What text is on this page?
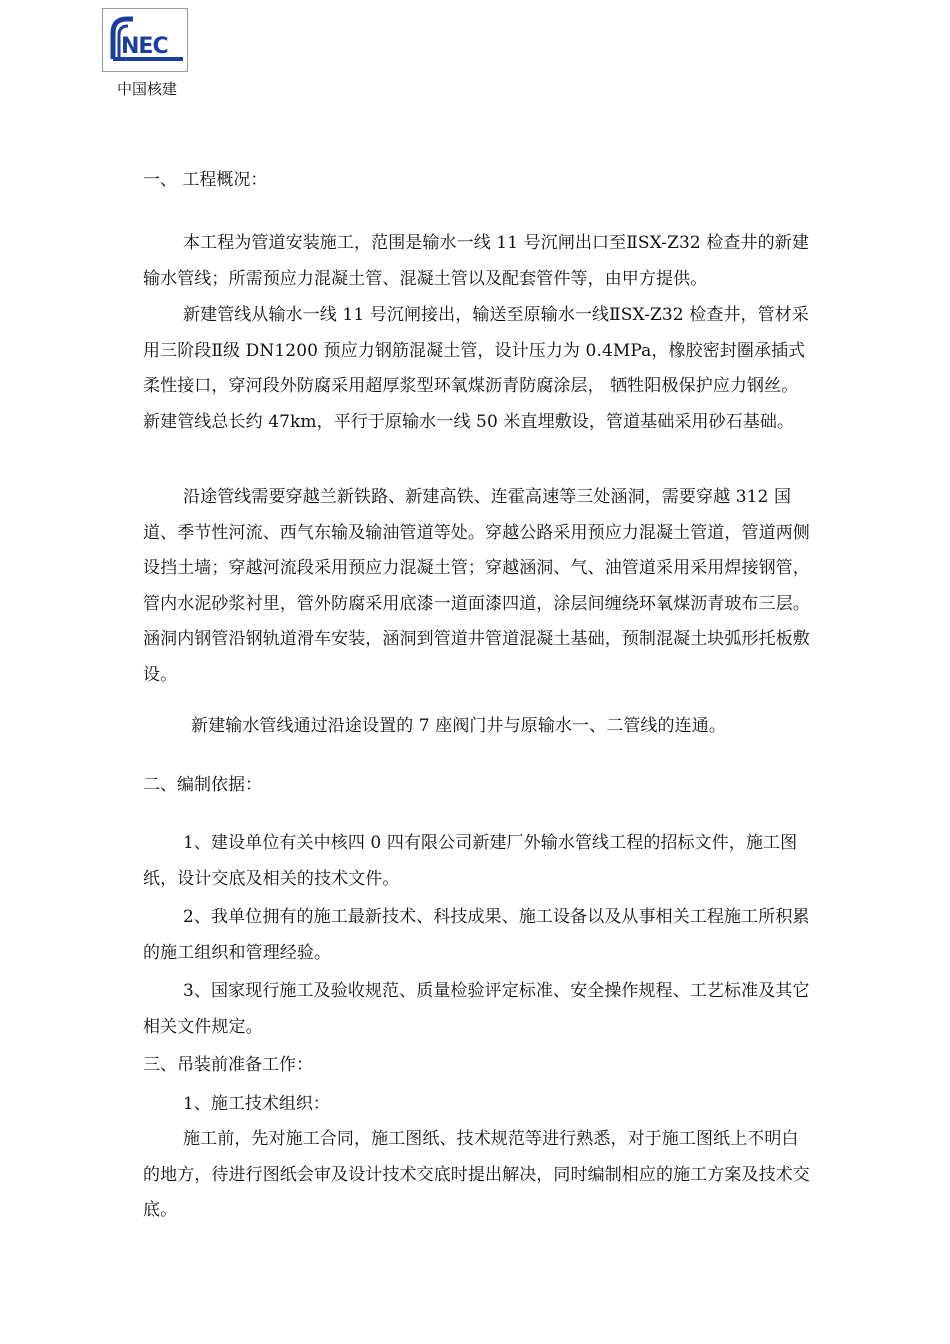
NEC
中国核建
一、 工程概况：

本工程为管道安装施工，范围是输水一线 11 号沉闸出口至ⅡSX-Z32 检查井的新建输水管线；所需预应力混凝土管、混凝土管以及配套管件等，由甲方提供。

新建管线从输水一线 11 号沉闸接出，输送至原输水一线ⅡSX-Z32 检查井，管材采用三阶段Ⅱ级 DN1200 预应力钢筋混凝土管，设计压力为 0.4MPa，橡胶密封圈承插式柔性接口，穿河段外防腐采用超厚浆型环氧煤沥青防腐涂层， 牺牲阳极保护应力钢丝。新建管线总长约 47km，平行于原输水一线 50 米直埋敷设，管道基础采用砂石基础。

沿途管线需要穿越兰新铁路、新建高铁、连霍高速等三处涵洞，需要穿越 312 国道、季节性河流、西气东输及输油管道等处。穿越公路采用预应力混凝土管道，管道两侧设挡土墙；穿越河流段采用预应力混凝土管；穿越涵洞、气、油管道采用采用焊接钢管，管内水泥砂浆衬里，管外防腐采用底漆一道面漆四道，涂层间缠绕环氧煤沥青玻布三层。涵洞内钢管沿钢轨道滑车安装，涵洞到管道井管道混凝土基础，预制混凝土块弧形托板敷设。

新建输水管线通过沿途设置的 7 座阀门井与原输水一、二管线的连通。

二、编制依据：

1、建设单位有关中核四 0 四有限公司新建厂外输水管线工程的招标文件，施工图纸，设计交底及相关的技术文件。

2、我单位拥有的施工最新技术、科技成果、施工设备以及从事相关工程施工所积累的施工组织和管理经验。

3、国家现行施工及验收规范、质量检验评定标准、安全操作规程、工艺标准及其它相关文件规定。

三、吊装前准备工作：
1、施工技术组织：

施工前，先对施工合同，施工图纸、技术规范等进行熟悉，对于施工图纸上不明白的地方，待进行图纸会审及设计技术交底时提出解决，同时编制相应的施工方案及技术交底。
